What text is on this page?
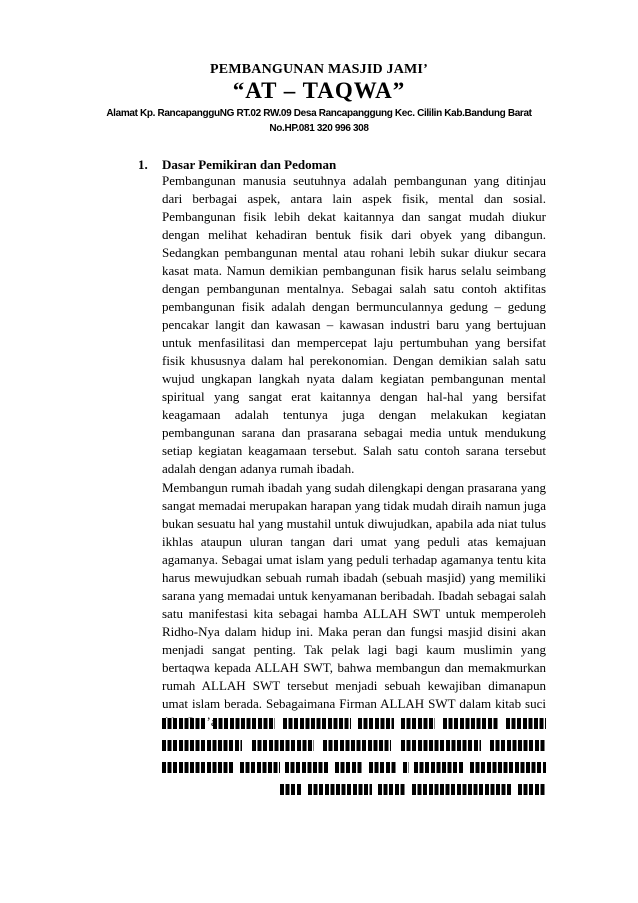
PEMBANGUNAN MASJID JAMI’
“AT – TAQWA”
Alamat Kp. RancapangguNG RT.02 RW.09 Desa Rancapanggung Kec. Cililin Kab.Bandung Barat
No.HP.081 320 996 308
1. Dasar Pemikiran dan Pedoman
Pembangunan manusia seutuhnya adalah pembangunan yang ditinjau dari berbagai aspek, antara lain aspek fisik, mental dan sosial. Pembangunan fisik lebih dekat kaitannya dan sangat mudah diukur dengan melihat kehadiran bentuk fisik dari obyek yang dibangun. Sedangkan pembangunan mental atau rohani lebih sukar diukur secara kasat mata. Namun demikian pembangunan fisik harus selalu seimbang dengan pembangunan mentalnya. Sebagai salah satu contoh aktifitas pembangunan fisik adalah dengan bermunculannya gedung – gedung pencakar langit dan kawasan – kawasan industri baru yang bertujuan untuk menfasilitasi dan mempercepat laju pertumbuhan yang bersifat fisik khususnya dalam hal perekonomian. Dengan demikian salah satu wujud ungkapan langkah nyata dalam kegiatan pembangunan mental spiritual yang sangat erat kaitannya dengan hal-hal yang bersifat keagamaan adalah tentunya juga dengan melakukan kegiatan pembangunan sarana dan prasarana sebagai media untuk mendukung setiap kegiatan keagamaan tersebut. Salah satu contoh sarana tersebut adalah dengan adanya rumah ibadah.
Membangun rumah ibadah yang sudah dilengkapi dengan prasarana yang sangat memadai merupakan harapan yang tidak mudah diraih namun juga bukan sesuatu hal yang mustahil untuk diwujudkan, apabila ada niat tulus ikhlas ataupun uluran tangan dari umat yang peduli atas kemajuan agamanya. Sebagai umat islam yang peduli terhadap agamanya tentu kita harus mewujudkan sebuah rumah ibadah (sebuah masjid) yang memiliki sarana yang memadai untuk kenyamanan beribadah. Ibadah sebagai salah satu manifestasi kita sebagai hamba ALLAH SWT untuk memperoleh Ridho-Nya dalam hidup ini. Maka peran dan fungsi masjid disini akan menjadi sangat penting. Tak pelak lagi bagi kaum muslimin yang bertaqwa kepada ALLAH SWT, bahwa membangun dan memakmurkan rumah ALLAH SWT tersebut menjadi sebuah kewajiban dimanapun umat islam berada. Sebagaimana Firman ALLAH SWT dalam kitab suci
